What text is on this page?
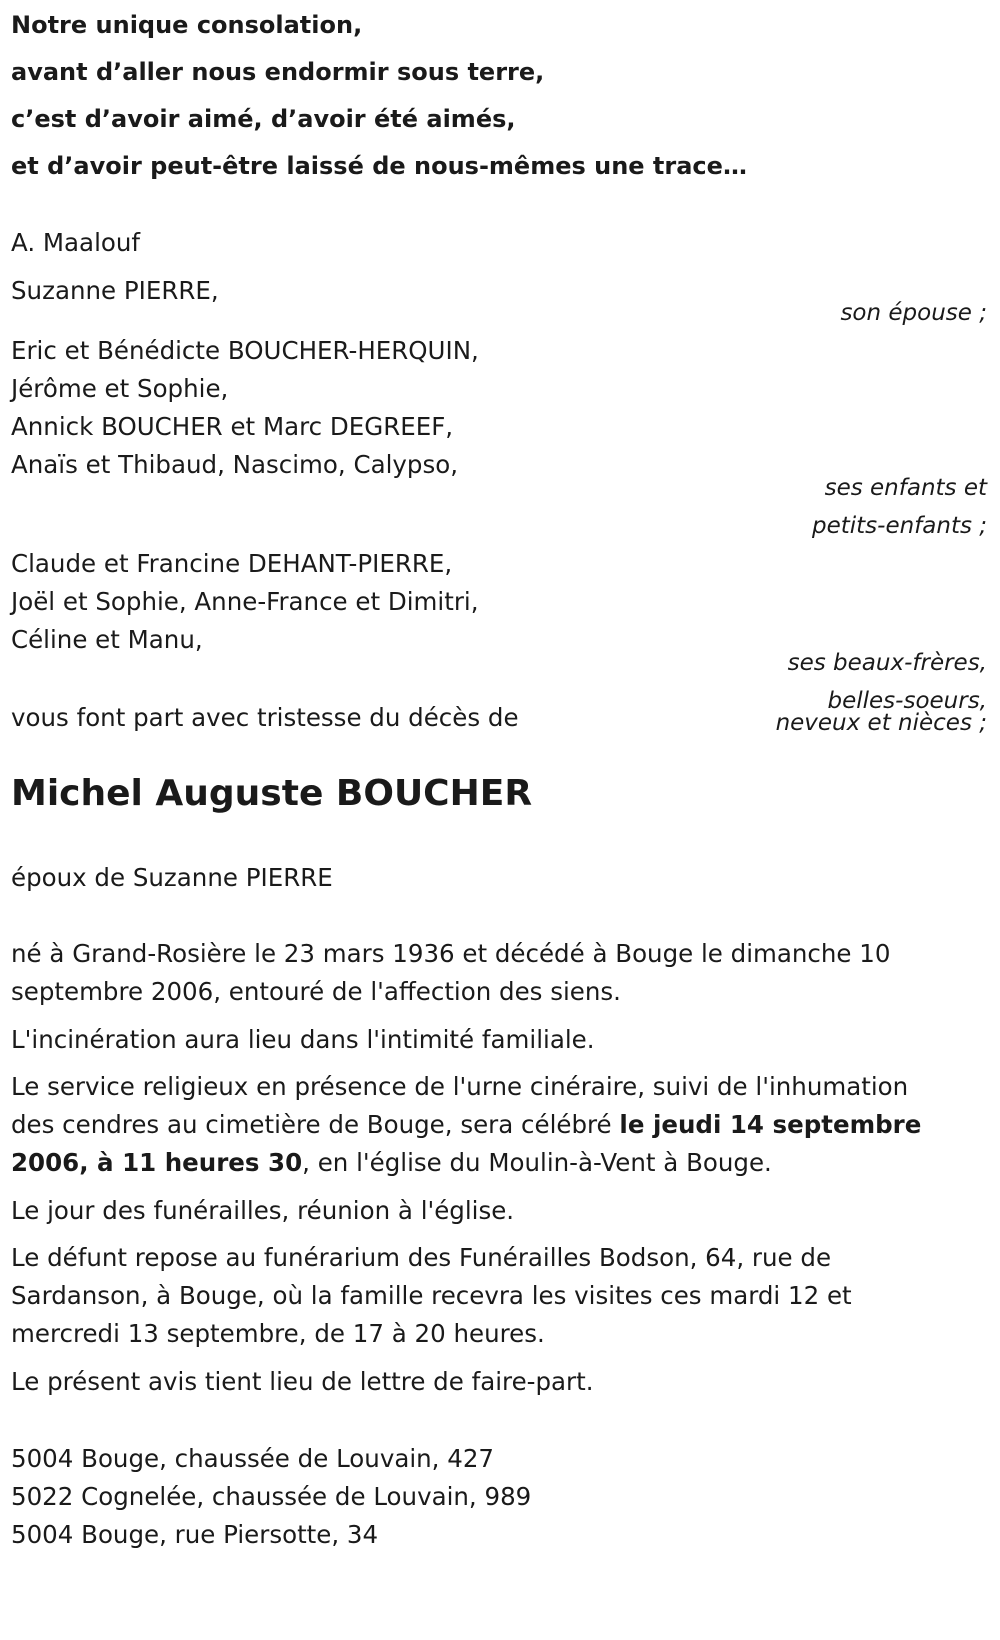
Notre unique consolation,
avant d’aller nous endormir sous terre,
c’est d’avoir aimé, d’avoir été aimés,
et d’avoir peut-être laissé de nous-mêmes une trace…
A. Maalouf
Suzanne PIERRE,
son épouse ;
Eric et Bénédicte BOUCHER-HERQUIN,
Jérôme et Sophie,
Annick BOUCHER et Marc DEGREEF,
Anaïs et Thibaud, Nascimo, Calypso,
ses enfants et
petits-enfants ;
Claude et Francine DEHANT-PIERRE,
Joël et Sophie, Anne-France et Dimitri,
Céline et Manu,
ses beaux-frères,
belles-soeurs,
neveux et nièces ;
vous font part avec tristesse du décès de
Michel Auguste BOUCHER
époux de Suzanne PIERRE
né à Grand-Rosière le 23 mars 1936 et décédé à Bouge le dimanche 10
septembre 2006, entouré de l'affection des siens.
L'incinération aura lieu dans l'intimité familiale.
Le service religieux en présence de l'urne cinéraire, suivi de l'inhumation
des cendres au cimetière de Bouge, sera célébré le jeudi 14 septembre
2006, à 11 heures 30, en l'église du Moulin-à-Vent à Bouge.
Le jour des funérailles, réunion à l'église.
Le défunt repose au funérarium des Funérailles Bodson, 64, rue de
Sardanson, à Bouge, où la famille recevra les visites ces mardi 12 et
mercredi 13 septembre, de 17 à 20 heures.
Le présent avis tient lieu de lettre de faire-part.
5004 Bouge, chaussée de Louvain, 427
5022 Cognelée, chaussée de Louvain, 989
5004 Bouge, rue Piersotte, 34
